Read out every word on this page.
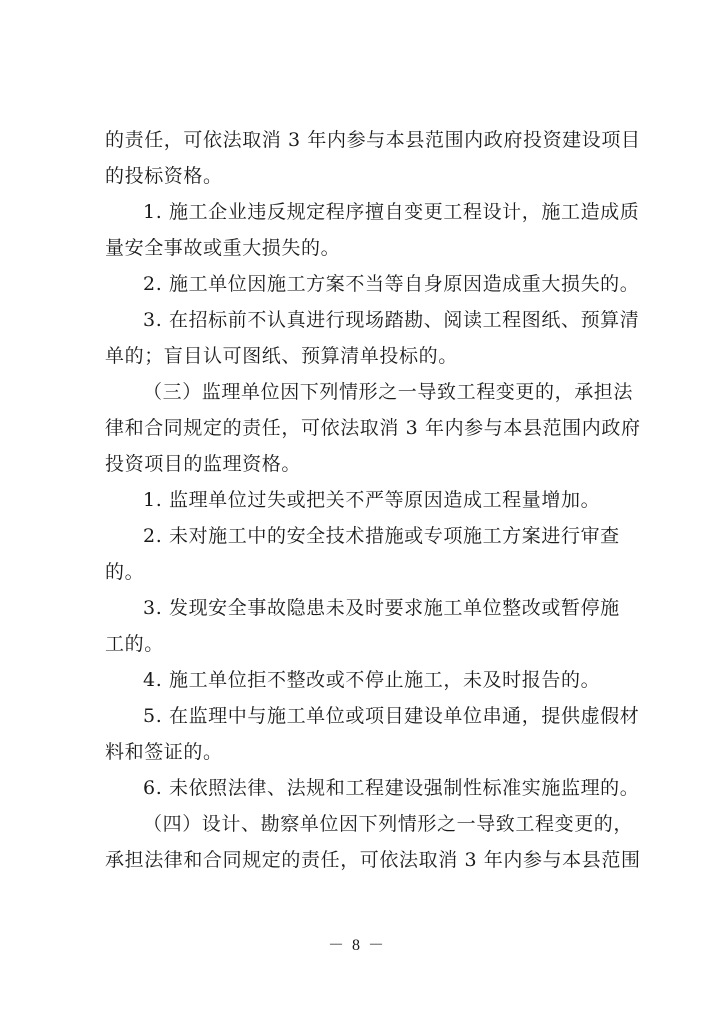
的责任，可依法取消 3 年内参与本县范围内政府投资建设项目
的投标资格。
1. 施工企业违反规定程序擅自变更工程设计，施工造成质
量安全事故或重大损失的。
2. 施工单位因施工方案不当等自身原因造成重大损失的。
3. 在招标前不认真进行现场踏勘、阅读工程图纸、预算清
单的；盲目认可图纸、预算清单投标的。
（三）监理单位因下列情形之一导致工程变更的，承担法
律和合同规定的责任，可依法取消 3 年内参与本县范围内政府
投资项目的监理资格。
1. 监理单位过失或把关不严等原因造成工程量增加。
2. 未对施工中的安全技术措施或专项施工方案进行审查
的。
3. 发现安全事故隐患未及时要求施工单位整改或暂停施
工的。
4. 施工单位拒不整改或不停止施工，未及时报告的。
5. 在监理中与施工单位或项目建设单位串通，提供虚假材
料和签证的。
6. 未依照法律、法规和工程建设强制性标准实施监理的。
（四）设计、勘察单位因下列情形之一导致工程变更的，
承担法律和合同规定的责任，可依法取消 3 年内参与本县范围
－ 8 －
